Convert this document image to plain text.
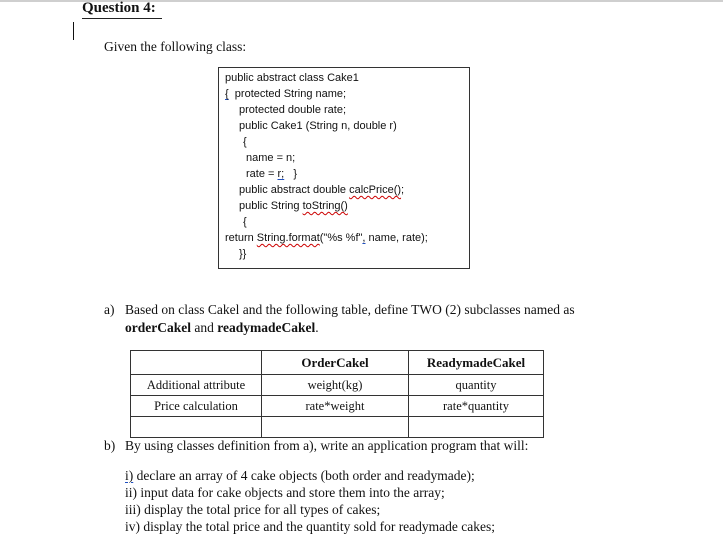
Question 4:
Given the following class:
public abstract class Cake1
{  protected String name;
protected double rate;
public Cake1 (String n, double r)
{
name = n;
rate = r;   }
public abstract double calcPrice();
public String toString()
{
return String.format("%s %f", name, rate);
}}
a) Based on class Cakel and the following table, define TWO (2) subclasses named as
orderCakel and readymadeCakel.
	OrderCakel	ReadymadeCakel
Additional attribute	weight(kg)	quantity
Price calculation	rate*weight	rate*quantity

b) By using classes definition from a), write an application program that will:
i) declare an array of 4 cake objects (both order and readymade);
ii) input data for cake objects and store them into the array;
iii) display the total price for all types of cakes;
iv) display the total price and the quantity sold for readymade cakes;
